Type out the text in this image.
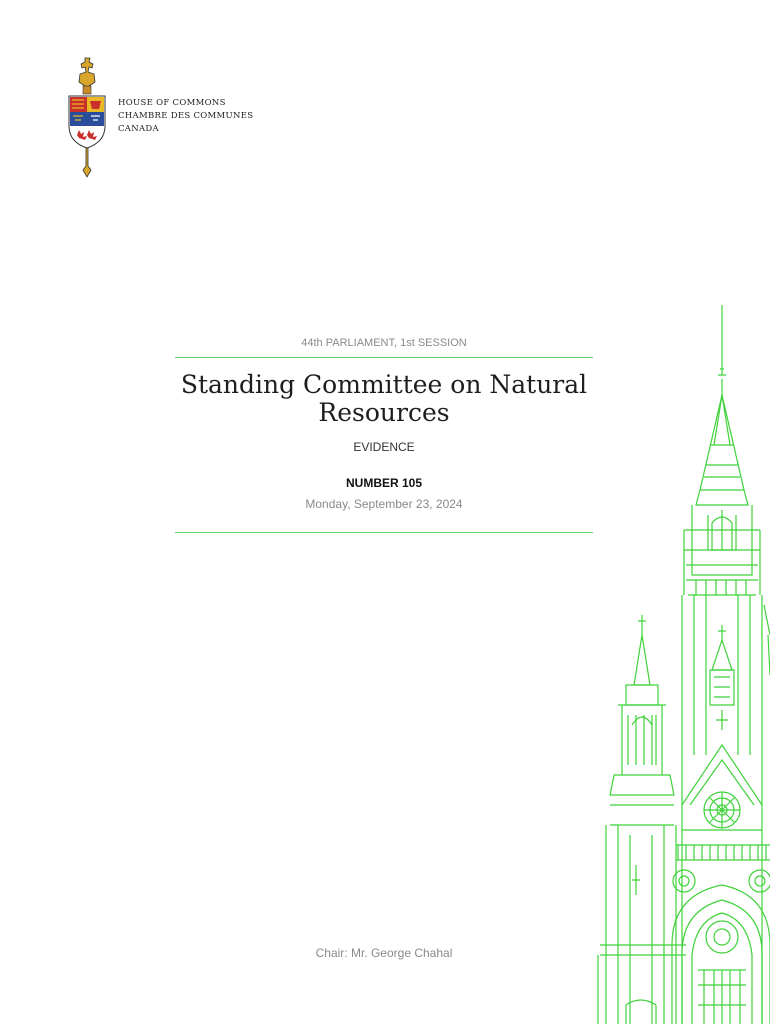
HOUSE OF COMMONS
CHAMBRE DES COMMUNES
CANADA
44th PARLIAMENT, 1st SESSION
Standing Committee on Natural Resources
EVIDENCE
NUMBER 105
Monday, September 23, 2024
Chair: Mr. George Chahal
